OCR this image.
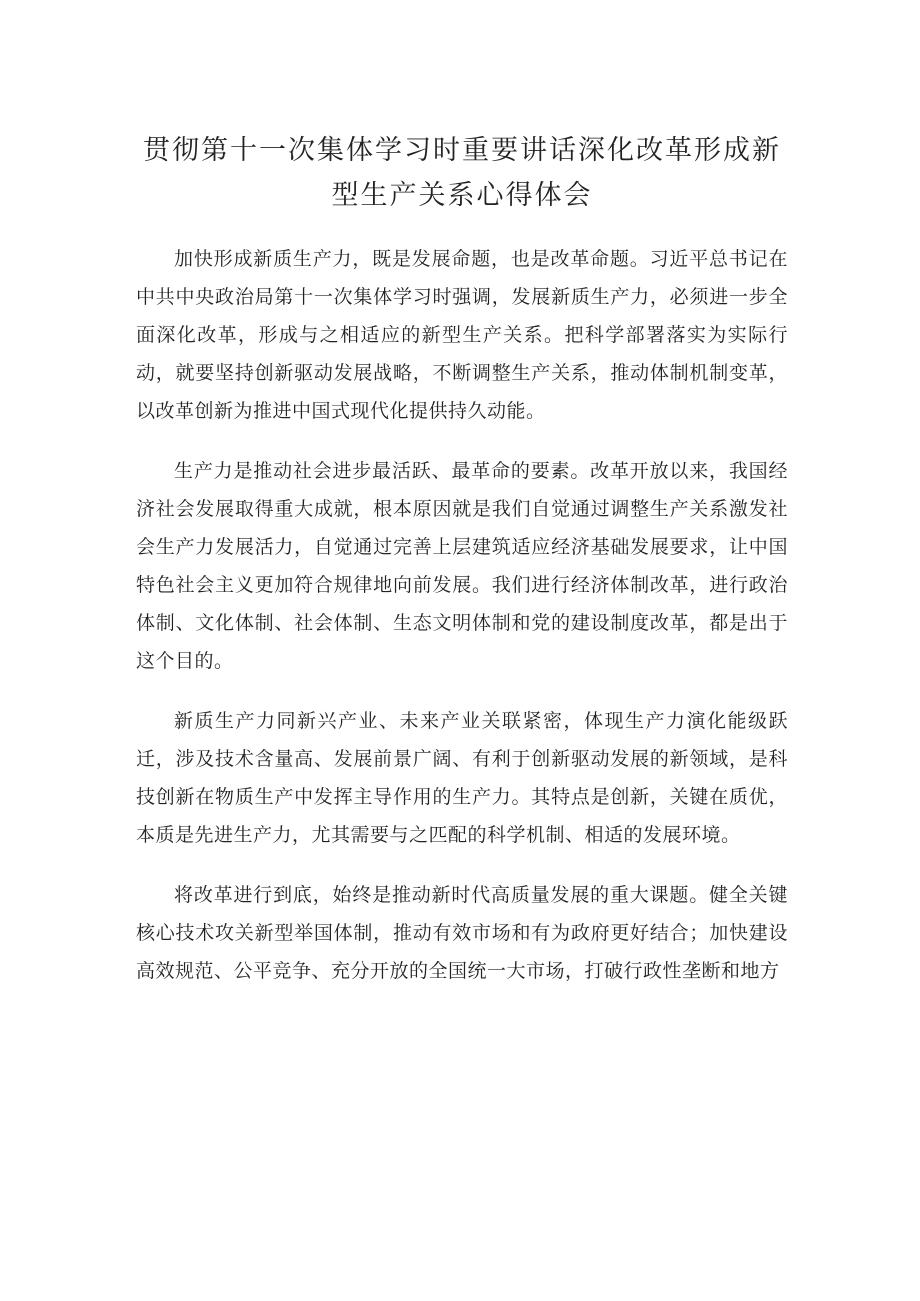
贯彻第十一次集体学习时重要讲话深化改革形成新
型生产关系心得体会

加快形成新质生产力，既是发展命题，也是改革命题。习近平总书记在中共中央政治局第十一次集体学习时强调，发展新质生产力，必须进一步全面深化改革，形成与之相适应的新型生产关系。把科学部署落实为实际行动，就要坚持创新驱动发展战略，不断调整生产关系，推动体制机制变革，以改革创新为推进中国式现代化提供持久动能。

生产力是推动社会进步最活跃、最革命的要素。改革开放以来，我国经济社会发展取得重大成就，根本原因就是我们自觉通过调整生产关系激发社会生产力发展活力，自觉通过完善上层建筑适应经济基础发展要求，让中国特色社会主义更加符合规律地向前发展。我们进行经济体制改革，进行政治体制、文化体制、社会体制、生态文明体制和党的建设制度改革，都是出于这个目的。

新质生产力同新兴产业、未来产业关联紧密，体现生产力演化能级跃迁，涉及技术含量高、发展前景广阔、有利于创新驱动发展的新领域，是科技创新在物质生产中发挥主导作用的生产力。其特点是创新，关键在质优，本质是先进生产力，尤其需要与之匹配的科学机制、相适的发展环境。

将改革进行到底，始终是推动新时代高质量发展的重大课题。健全关键核心技术攻关新型举国体制，推动有效市场和有为政府更好结合；加快建设高效规范、公平竞争、充分开放的全国统一大市场，打破行政性垄断和地方
